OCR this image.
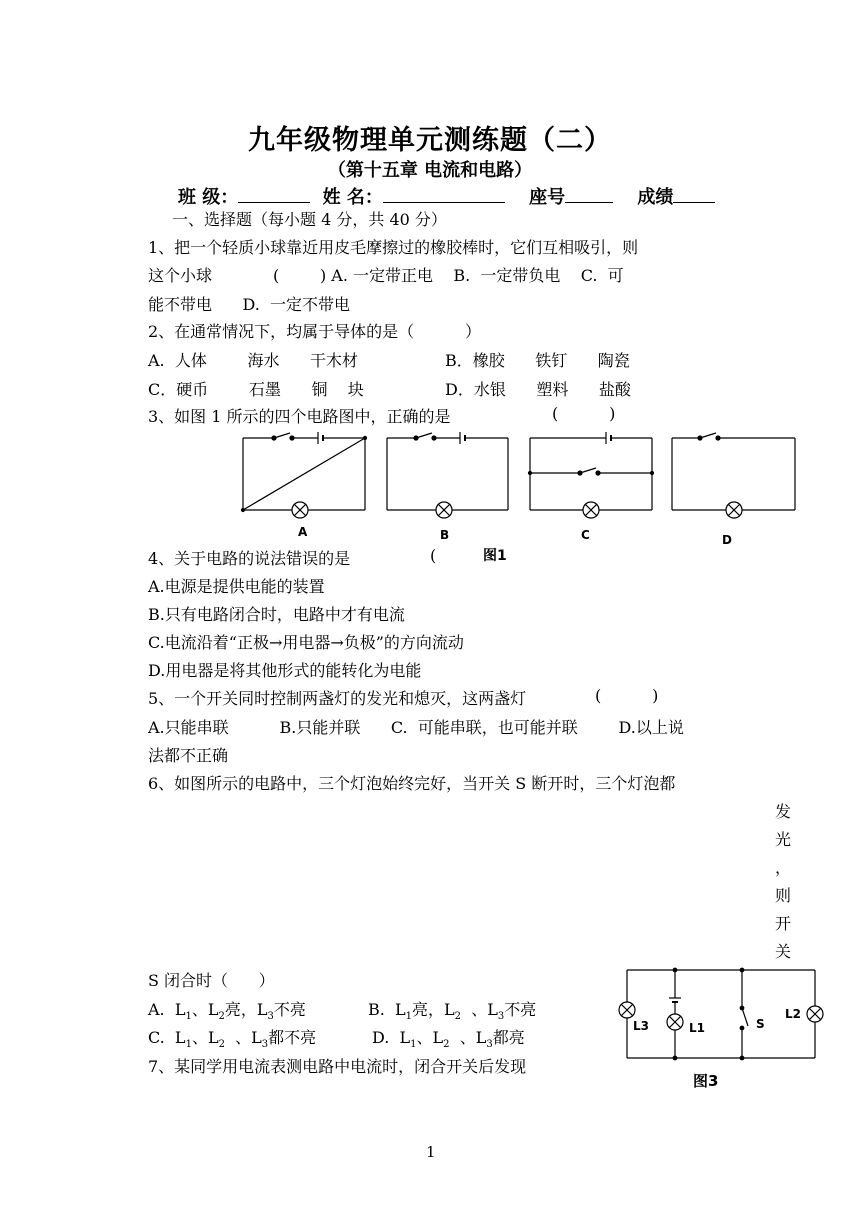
九年级物理单元测练题（二）
（第十五章 电流和电路）
班 级：	姓 名：	座号	成绩
一、选择题（每小题 4 分，共 40 分）
1、把一个轻质小球靠近用皮毛摩擦过的橡胶棒时，它们互相吸引，则
这个小球            (        ) A. 一定带正电    B.  一定带负电    C.  可
能不带电      D.  一定不带电
2、在通常情况下，均属于导体的是（          ）
A.  人体        海水      干木材	B．橡胶      铁钉      陶瓷
C．硬币        石墨      铜    块	D．水银      塑料      盐酸
3、如图 1 所示的四个电路图中，正确的是	(          )
A	B	C	D
图1
4、关于电路的说法错误的是	(
A.电源是提供电能的装置
B.只有电路闭合时，电路中才有电流
C.电流沿着“正极→用电器→负极”的方向流动
D.用电器是将其他形式的能转化为电能
5、一个开关同时控制两盏灯的发光和熄灭，这两盏灯	(          )
A.只能串联          B.只能并联      C.  可能串联，也可能并联        D.以上说
法都不正确
6、如图所示的电路中，三个灯泡始终完好，当开关 S 断开时，三个灯泡都
发
光
，
则
开
关
S 闭合时（      ）
A.  $L_1$、$L_2$亮，$L_3$不亮	B.  $L_1$亮，$L_2$  、$L_3$不亮
C.  $L_1$、$L_2$  、$L_3$都不亮	D.  $L_1$、$L_2$  、$L_3$都亮
L3	L1	S
L2
图3
7、某同学用电流表测电路中电流时，闭合开关后发现
1
